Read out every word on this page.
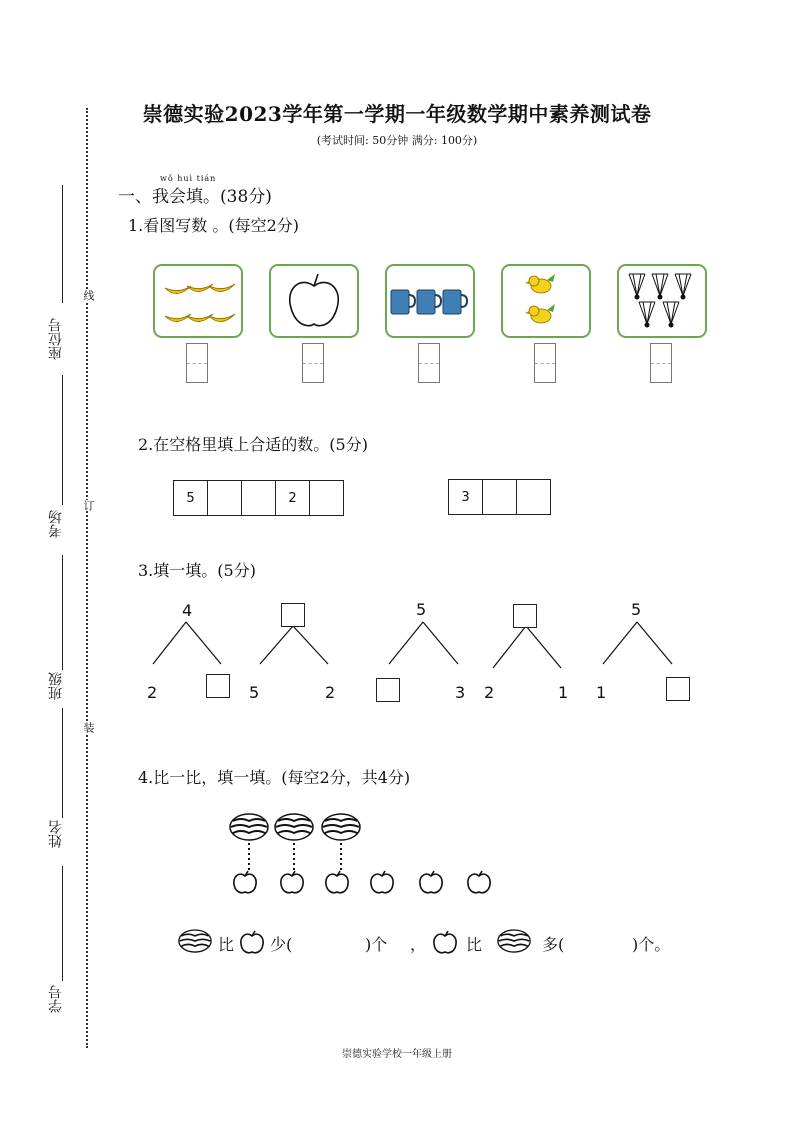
座位号
考场
班级
姓名
学号
线
订
装
崇德实验2023学年第一学期一年级数学期中素养测试卷
(考试时间: 50分钟 满分: 100分)
wǒ huì tián
一、我会填。(38分)
1.看图写数 。(每空2分)
2.在空格里填上合适的数。(5分)
5	2	3
3.填一填。(5分)
4
2	5	2
5
3 2	1
5
1
4.比一比，填一填。(每空2分，共4分)
比 少(	)个 ， 比	多(	)个。
崇德实验学校一年级上册
